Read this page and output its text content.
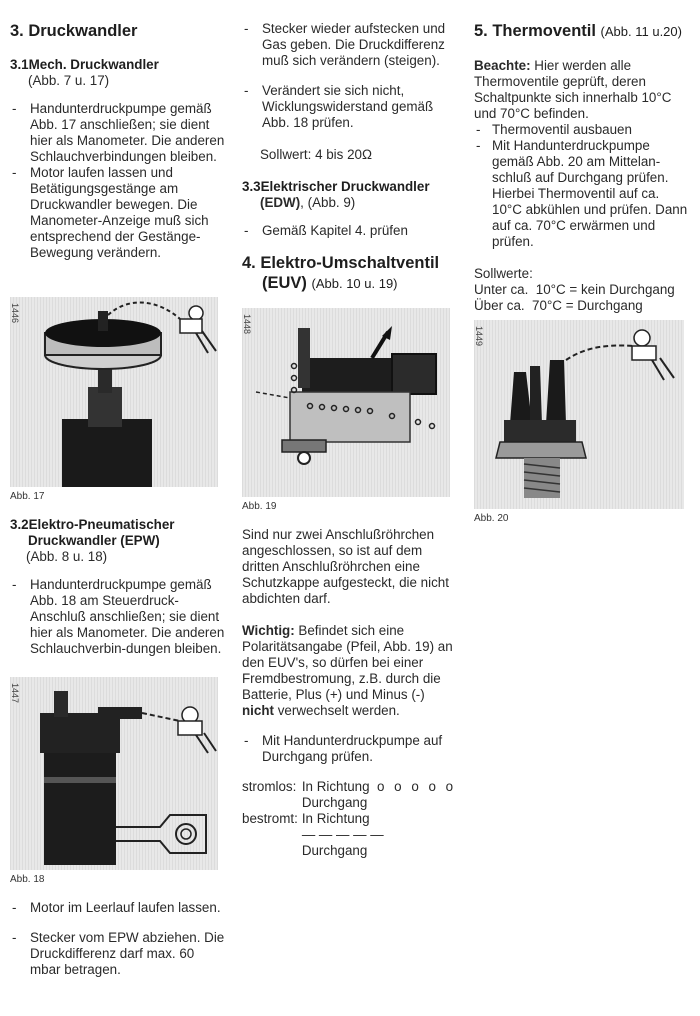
3. Druckwandler
3.1Mech. Druckwandler

(Abb. 7 u. 17)

- Handunterdruckpumpe gemäß Abb. 17 anschließen; sie dient hier als Manometer. Die anderen Schlauchverbindungen bleiben.
- Motor laufen lassen und Betätigungsgestänge am Druckwandler bewegen. Die Manometer-Anzeige muß sich entsprechend der Gestänge-Bewegung verändern.
1446
Abb. 17
3.2Elektro-Pneumatischer
Druckwandler (EPW)

(Abb. 8 u. 18)

- Handunterdruckpumpe gemäß Abb. 18 am Steuerdruck-Anschluß anschließen; sie dient hier als Manometer. Die anderen Schlauchverbin-dungen bleiben.
1447
Abb. 18
- Motor im Leerlauf laufen lassen.
- Stecker vom EPW abziehen. Die Druckdifferenz darf max. 60 mbar betragen.
- Stecker wieder aufstecken und Gas geben. Die Druckdifferenz muß sich verändern (steigen).
- Verändert sie sich nicht, Wicklungswiderstand gemäß Abb. 18 prüfen.

Sollwert: 4 bis 20Ω

3.3Elektrischer Druckwandler

(EDW), (Abb. 9)

- Gemäß Kapitel 4. prüfen
4. Elektro-Umschaltventil
(EUV) (Abb. 10 u. 19)
1448
Abb. 19

Sind nur zwei Anschlußröhrchen angeschlossen, so ist auf dem dritten Anschlußröhrchen eine Schutzkappe aufgesteckt, die nicht abdichten darf.

Wichtig: Befindet sich eine Polaritätsangabe (Pfeil, Abb. 19) an den EUV's, so dürfen bei einer Fremdbestromung, z.B. durch die Batterie, Plus (+) und Minus (-) nicht verwechselt werden.

- Mit Handunterdruckpumpe auf Durchgang prüfen.
stromlos:	In Richtung o o o o o
	Durchgang
bestromt:	In Richtung  — — — — —
	Durchgang
5. Thermoventil (Abb. 11 u.20)

Beachte: Hier werden alle Thermoventile geprüft, deren Schaltpunkte sich innerhalb 10°C und 70°C befinden.

- Thermoventil ausbauen
- Mit Handunterdruckpumpe gemäß Abb. 20 am Mittelan-schluß auf Durchgang prüfen. Hierbei Thermoventil auf ca. 10°C abkühlen und prüfen. Dann auf ca. 70°C erwärmen und prüfen.

Sollwerte:

Unter ca.  10°C = kein Durchgang

Über ca.  70°C = Durchgang

1449
Abb. 20
